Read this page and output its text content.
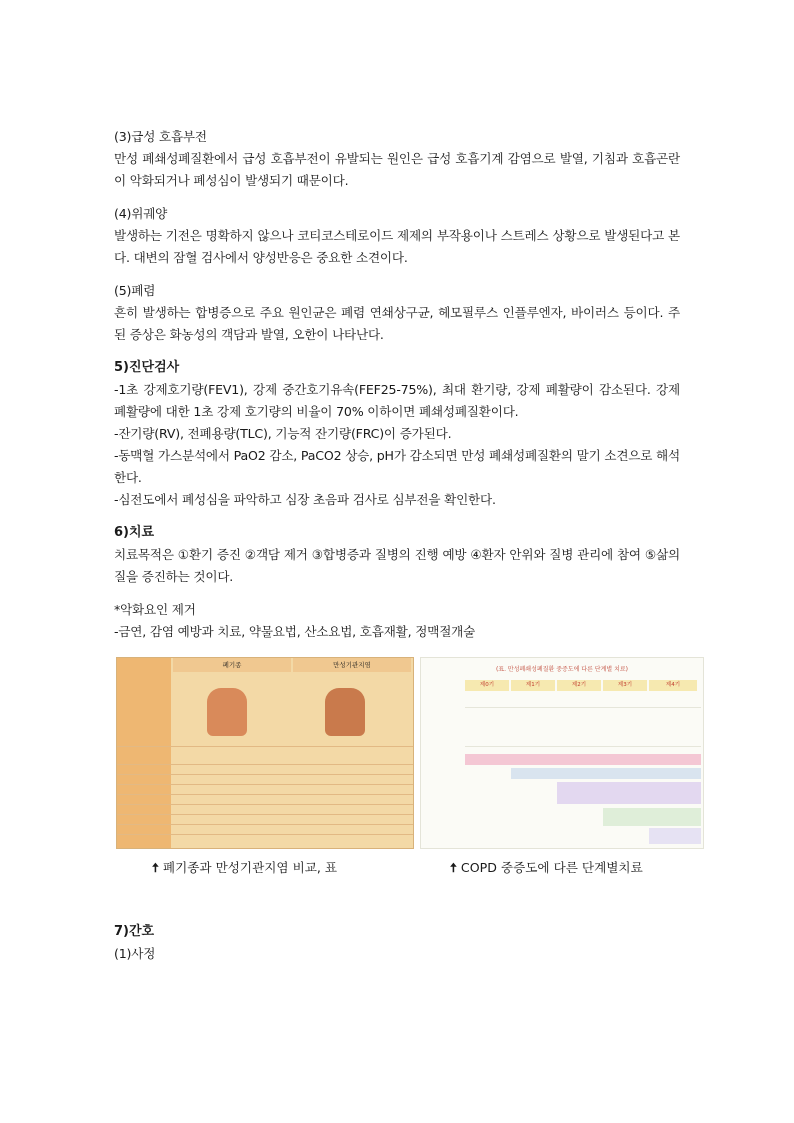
(3)급성 호흡부전

만성 폐쇄성폐질환에서 급성 호흡부전이 유발되는 원인은 급성 호흡기계 감염으로 발열, 기침과 호흡곤란이 악화되거나 폐성심이 발생되기 때문이다.

(4)위궤양

발생하는 기전은 명확하지 않으나 코티코스테로이드 제제의 부작용이나 스트레스 상황으로 발생된다고 본다. 대변의 잠혈 검사에서 양성반응은 중요한 소견이다.

(5)폐렴

흔히 발생하는 합병증으로 주요 원인균은 폐렴 연쇄상구균, 헤모필루스 인플루엔자, 바이러스 등이다. 주된 증상은 화농성의 객담과 발열, 오한이 나타난다.

5)진단검사

-1초 강제호기량(FEV1), 강제 중간호기유속(FEF25-75%), 최대 환기량, 강제 폐활량이 감소된다. 강제 폐활량에 대한 1초 강제 호기량의 비율이 70% 이하이면 폐쇄성폐질환이다.

-잔기량(RV), 전폐용량(TLC), 기능적 잔기량(FRC)이 증가된다.

-동맥혈 가스분석에서 PaO2 감소, PaCO2 상승, pH가 감소되면 만성 폐쇄성폐질환의 말기 소견으로 해석한다.

-심전도에서 폐성심을 파악하고 심장 초음파 검사로 심부전을 확인한다.

6)치료

치료목적은 ①환기 증진 ②객담 제거 ③합병증과 질병의 진행 예방 ④환자 안위와 질병 관리에 참여 ⑤삶의 질을 증진하는 것이다.

*악화요인 제거

-금연, 감염 예방과 치료, 약물요법, 산소요법, 호흡재활, 정맥절개술

폐기종	만성기관지염
(표. 만성폐쇄성폐질환 중증도에 다른 단계별 치료)
제0기	제1기	제2기	제3기	제4기
🠥 폐기종과 만성기관지염 비교, 표	🠥 COPD 중증도에 다른 단계별치료

7)간호

(1)사정
